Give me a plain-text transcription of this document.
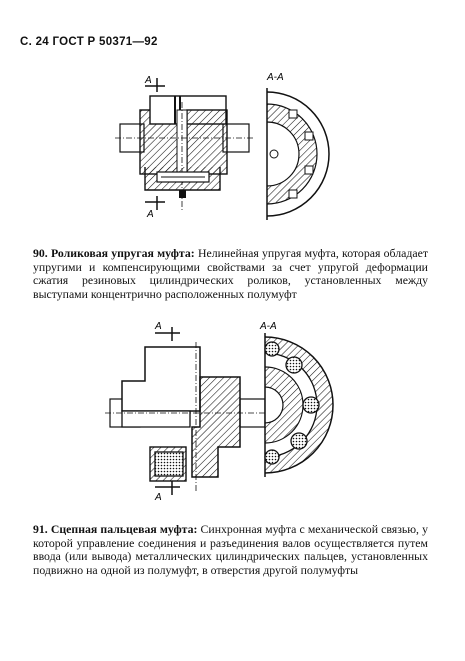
С. 24 ГОСТ Р 50371—92
А
А
А-А
90. Роликовая упругая муфта: Нелинейная упругая муфта, которая обладает упругими и компенсирующими свойствами за счет упругой деформации сжатия резиновых цилиндрических роликов, установленных между выступами концентрично расположенных полумуфт
А
А
А-А
91. Сцепная пальцевая муфта: Синхронная муфта с механической связью, у которой управление соединения и разъединения валов осуществляется путем ввода (или вывода) металлических цилиндрических пальцев, установленных подвижно на одной из полумуфт, в отверстия другой полумуфты
